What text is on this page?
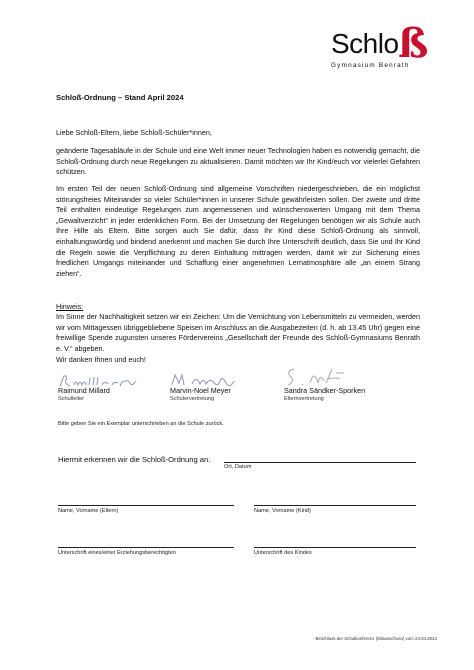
Schlo ß
Gymnasium Benrath
Schloß-Ordnung – Stand April 2024

Liebe Schloß-Eltern, liebe Schloß-Schüler*innen,

geänderte Tagesabläufe in der Schule und eine Welt immer neuer Technologien haben es notwendig gemacht, die Schloß-Ordnung durch neue Regelungen zu aktualisieren. Damit möchten wir Ihr Kind/euch vor vielerlei Gefahren schützen.

Im ersten Teil der neuen Schloß-Ordnung sind allgemeine Vorschriften niedergeschrieben, die ein möglichst störungsfreies Miteinander so vieler Schüler*innen in unserer Schule gewährleisten sollen. Der zweite und dritte Teil enthalten eindeutige Regelungen zum angemessenen und wünschenswerten Umgang mit dem Thema „Gewaltverzicht“ in jeder erdenklichen Form. Bei der Umsetzung der Regelungen benötigen wir als Schule auch Ihre Hilfe als Eltern. Bitte sorgen auch Sie dafür, dass Ihr Kind diese Schloß-Ordnung als sinnvoll, einhaltungswürdig und bindend anerkennt und machen Sie durch Ihre Unterschrift deutlich, dass Sie und Ihr Kind die Regeln sowie die Verpflichtung zu deren Einhaltung mittragen werden, damit wir zur Sicherung eines friedlichen Umgangs miteinander und Schaffung einer angenehmen Lernatmosphäre alle „an einem Strang ziehen“.

Hinweis:

Im Sinne der Nachhaltigkeit setzen wir ein Zeichen: Um die Vernichtung von Lebensmitteln zu vermeiden, werden wir vom Mittagessen übriggebliebene Speisen im Anschluss an die Ausgabezeiten (d. h. ab 13.45 Uhr) gegen eine freiwillige Spende zugunsten unseres Fördervereins „Gesellschaft der Freunde des Schloß-Gymnasiums Benrath e. V.“ abgeben.

Wir danken Ihnen und euch!

Raimund Millard
Schulleiter
Marvin-Noel Meyer
Schülervertretung
Sandra Sändker-Sporken
Elternvertretung
Bitte geben Sie ein Exemplar unterschrieben an die Schule zurück.
Hiermit erkennen wir die Schloß-Ordnung an.
Ort, Datum
Name, Vorname (Eltern)	Name, Vorname (Kind)
Unterschrift eines/einer Erziehungsberechtigten	Unterschrift des Kindes
Beschluss der Schulkonferenz (Eilausschuss) vom 24.04.2024
